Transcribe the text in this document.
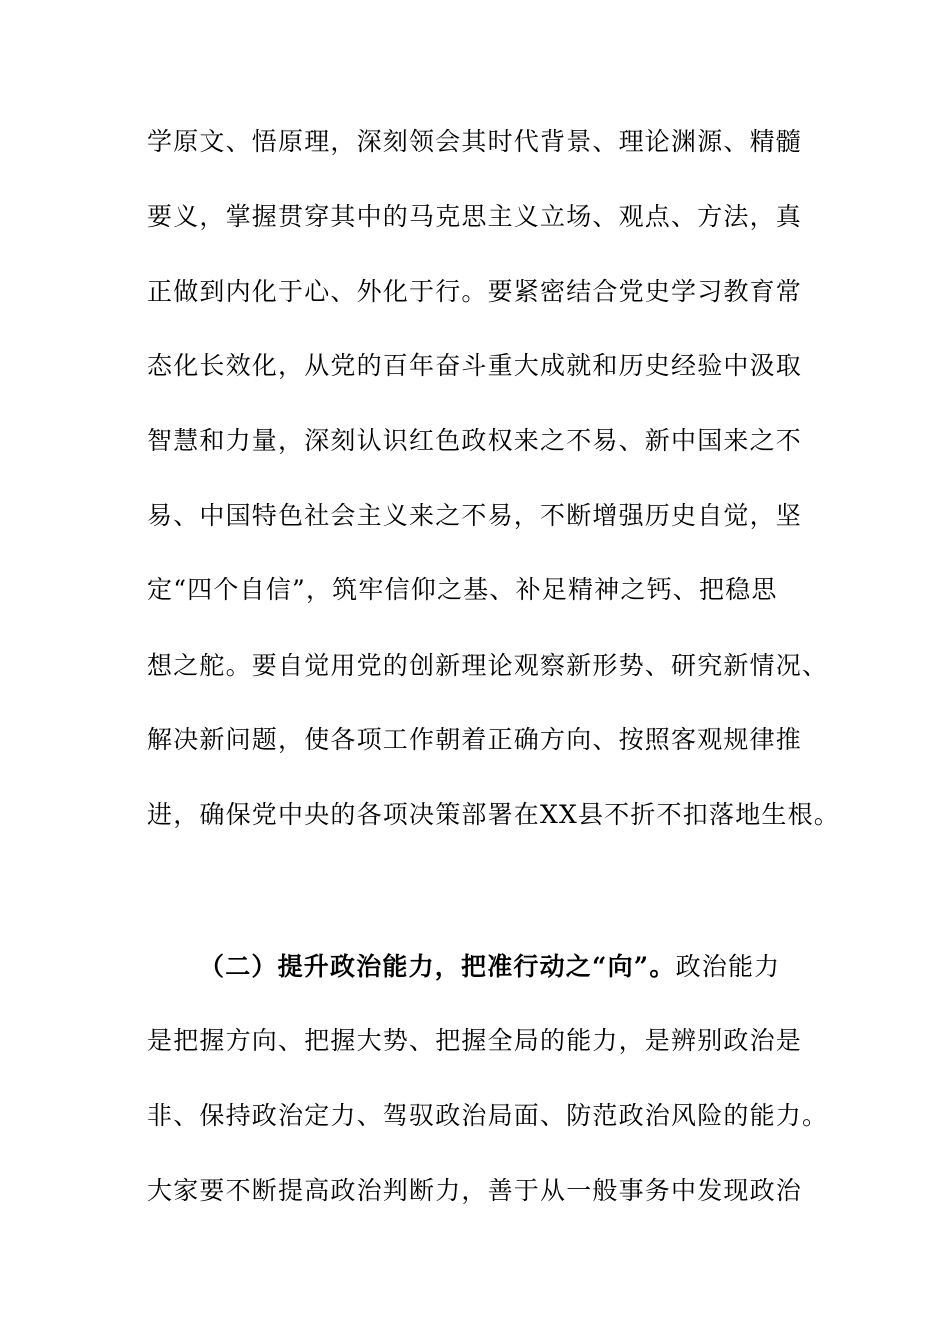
学原文、悟原理，深刻领会其时代背景、理论渊源、精髓
要义，掌握贯穿其中的马克思主义立场、观点、方法，真
正做到内化于心、外化于行。要紧密结合党史学习教育常
态化长效化，从党的百年奋斗重大成就和历史经验中汲取
智慧和力量，深刻认识红色政权来之不易、新中国来之不
易、中国特色社会主义来之不易，不断增强历史自觉，坚
定“四个自信”，筑牢信仰之基、补足精神之钙、把稳思
想之舵。要自觉用党的创新理论观察新形势、研究新情况、
解决新问题，使各项工作朝着正确方向、按照客观规律推
进，确保党中央的各项决策部署在XX县不折不扣落地生根。
（二）提升政治能力，把准行动之“向”。政治能力
是把握方向、把握大势、把握全局的能力，是辨别政治是
非、保持政治定力、驾驭政治局面、防范政治风险的能力。
大家要不断提高政治判断力，善于从一般事务中发现政治
